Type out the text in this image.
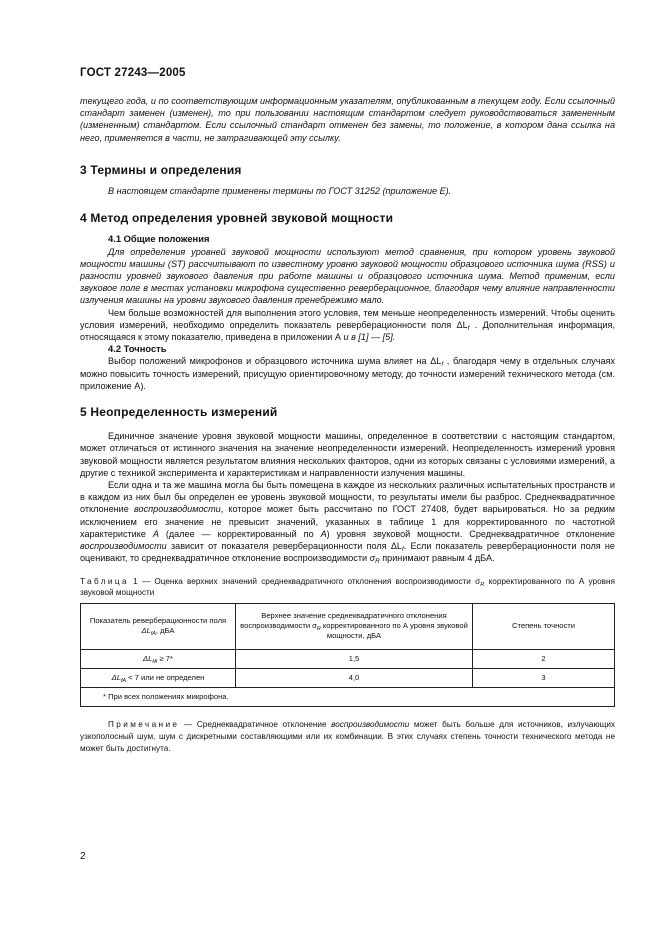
ГОСТ 27243—2005

текущего года, и по соответствующим информационным указателям, опубликованным в текущем году. Если ссылочный стандарт заменен (изменен), то при пользовании настоящим стандартом следует руководствоваться замененным (измененным) стандартом. Если ссылочный стандарт отменен без замены, то положение, в котором дана ссылка на него, применяется в части, не затрагивающей эту ссылку.

3 Термины и определения

В настоящем стандарте применены термины по ГОСТ 31252 (приложение Е).

4 Метод определения уровней звуковой мощности
4.1 Общие положения

Для определения уровней звуковой мощности используют метод сравнения, при котором уровень звуковой мощности машины (ST) рассчитывают по известному уровню звуковой мощности образцового источника шума (RSS) и разности уровней звукового давления при работе машины и образцового источника шума. Метод применим, если звуковое поле в местах установки микрофона существенно реверберационное, благодаря чему влияние направленности излучения машины на уровни звукового давления пренебрежимо мало.

Чем больше возможностей для выполнения этого условия, тем меньше неопределенность измерений. Чтобы оценить условия измерений, необходимо определить показатель реверберационности поля $\Delta L_f$ . Дополнительная информация, относящаяся к этому показателю, приведена в приложении А и в [1] — [5].

4.2 Точность

Выбор положений микрофонов и образцового источника шума влияет на $\Delta L_f$ , благодаря чему в отдельных случаях можно повысить точность измерений, присущую ориентировочному методу, до точности измерений технического метода (см. приложение А).

5 Неопределенность измерений

Единичное значение уровня звуковой мощности машины, определенное в соответствии с настоящим стандартом, может отличаться от истинного значения на значение неопределенности измерений. Неопределенность измерений уровня звуковой мощности является результатом влияния нескольких факторов, одни из которых связаны с условиями измерений, а другие с техникой эксперимента и характеристикам и направленности излучения машины.

Если одна и та же машина могла бы быть помещена в каждое из нескольких различных испытательных пространств и в каждом из них был бы определен ее уровень звуковой мощности, то результаты имели бы разброс. Среднеквадратичное отклонение воспроизводимости, которое может быть рассчитано по ГОСТ 27408, будет варьироваться. Но за редким исключением его значение не превысит значений, указанных в таблице 1 для корректированного по частотной характеристике А (далее — корректированный по А) уровня звуковой мощности. Среднеквадратичное отклонение воспроизводимости зависит от показателя реверберационности поля $\Delta L_f$. Если показатель реверберационности поля не оценивают, то среднеквадратичное отклонение воспроизводимости $\sigma_R$ принимают равным 4 дБА.

Таблица 1 — Оценка верхних значений среднеквадратичного отклонения воспроизводимости $\sigma_R$ корректированного по А уровня звуковой мощности

Показатель реверберационности поля $\Delta L_{fA}$, дБА	Верхнее значение среднеквадратичного отклонения воспроизводимости $\sigma_R$ корректированного по А уровня звуковой мощности, дБА	Степень точности
$\Delta L_{fA} \ge 7*$	1,5	2
$\Delta L_{fA} < 7$ или не определен	4,0	3
* При всех положениях микрофона.		

Примечание — Среднеквадратичное отклонение воспроизводимости может быть больше для источников, излучающих узкополосный шум, шум с дискретными составляющими или их комбинации. В этих случаях степень точности технического метода не может быть достигнута.

2
